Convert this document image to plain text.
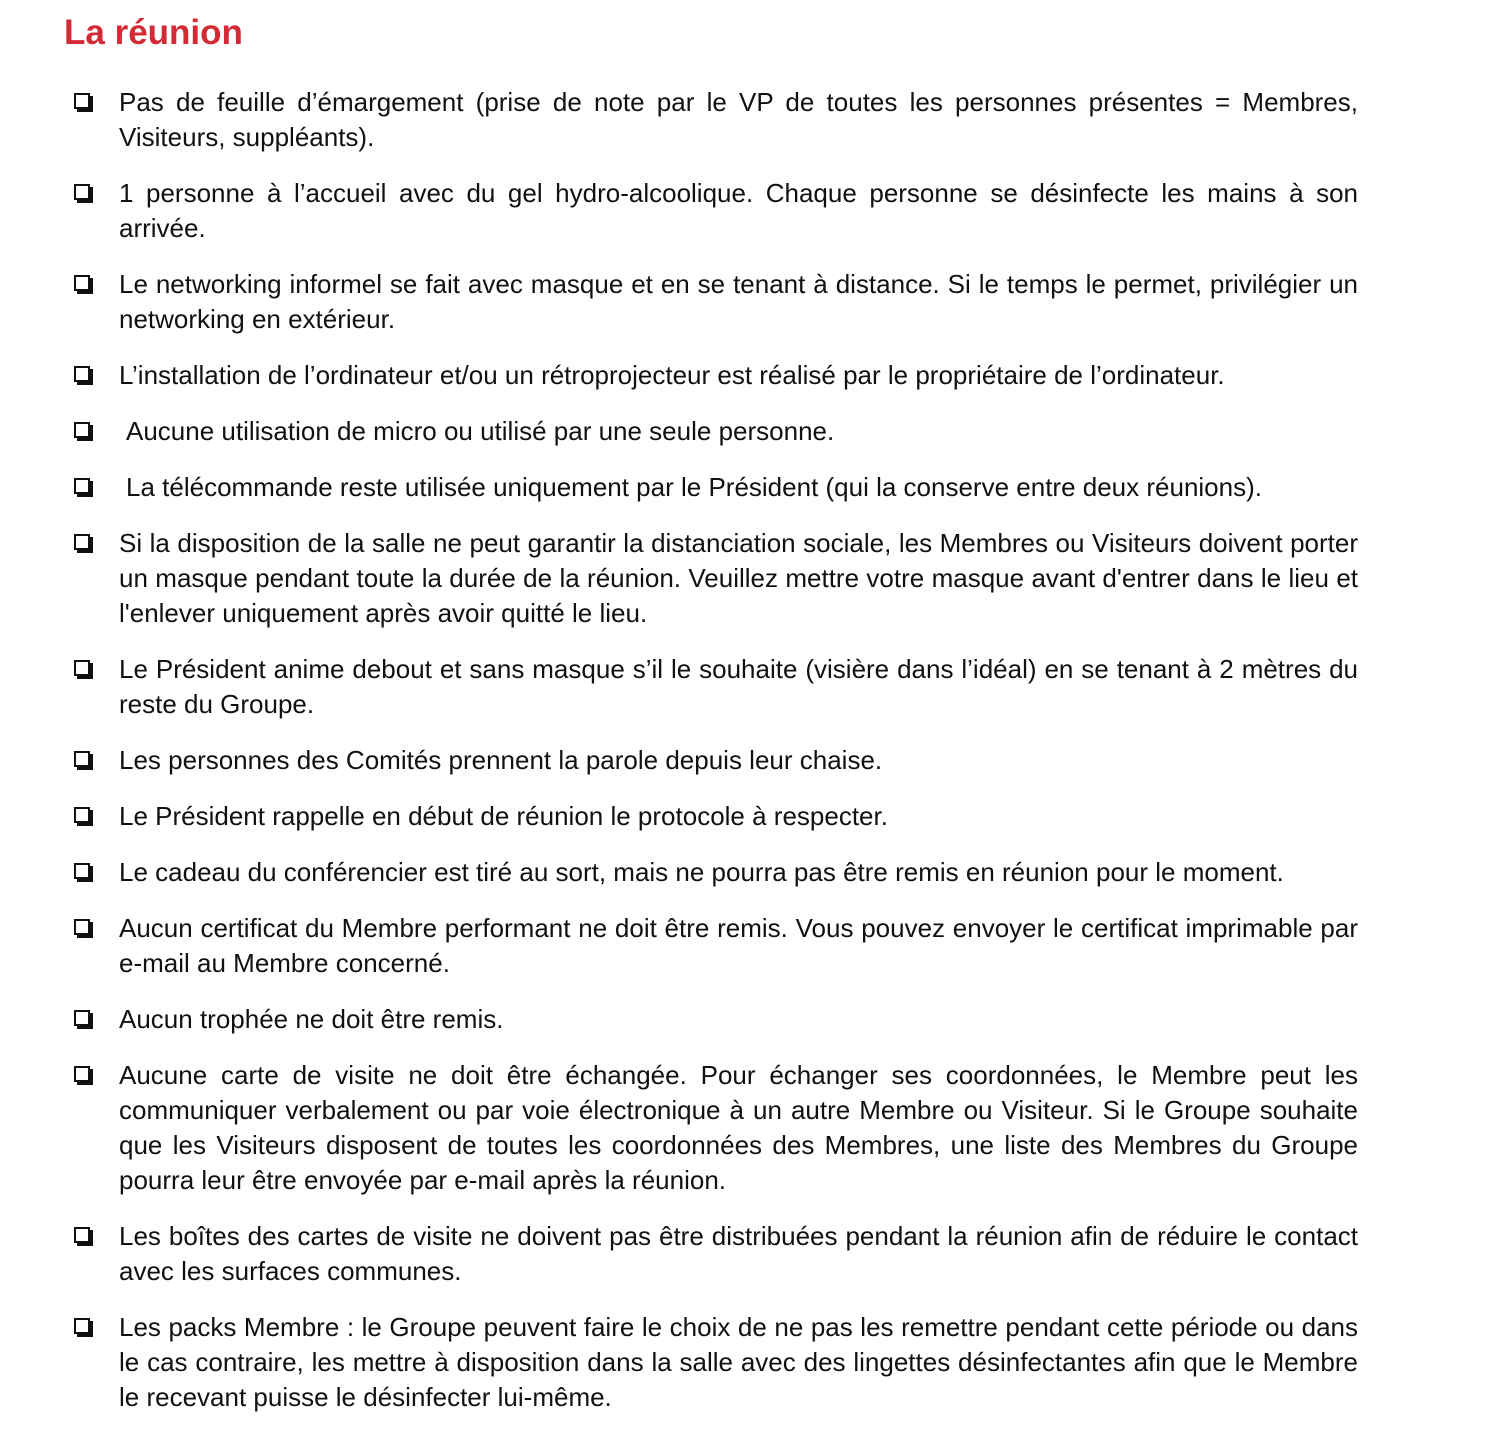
La réunion
Pas de feuille d’émargement (prise de note par le VP de toutes les personnes présentes = Membres, Visiteurs, suppléants).
1 personne à l’accueil avec du gel hydro-alcoolique. Chaque personne se désinfecte les mains à son arrivée.
Le networking informel se fait avec masque et en se tenant à distance. Si le temps le permet, privilégier un networking en extérieur.
L’installation de l’ordinateur et/ou un rétroprojecteur est réalisé par le propriétaire de l’ordinateur.
Aucune utilisation de micro ou utilisé par une seule personne.
La télécommande reste utilisée uniquement par le Président (qui la conserve entre deux réunions).
Si la disposition de la salle ne peut garantir la distanciation sociale, les Membres ou Visiteurs doivent porter un masque pendant toute la durée de la réunion. Veuillez mettre votre masque avant d'entrer dans le lieu et l'enlever uniquement après avoir quitté le lieu.
Le Président anime debout et sans masque s’il le souhaite (visière dans l’idéal) en se tenant à 2 mètres du reste du Groupe.
Les personnes des Comités prennent la parole depuis leur chaise.
Le Président rappelle en début de réunion le protocole à respecter.
Le cadeau du conférencier est tiré au sort, mais ne pourra pas être remis en réunion pour le moment.
Aucun certificat du Membre performant ne doit être remis. Vous pouvez envoyer le certificat imprimable par e-mail au Membre concerné.
Aucun trophée ne doit être remis.
Aucune carte de visite ne doit être échangée. Pour échanger ses coordonnées, le Membre peut les communiquer verbalement ou par voie électronique à un autre Membre ou Visiteur. Si le Groupe souhaite que les Visiteurs disposent de toutes les coordonnées des Membres, une liste des Membres du Groupe pourra leur être envoyée par e-mail après la réunion.
Les boîtes des cartes de visite ne doivent pas être distribuées pendant la réunion afin de réduire le contact avec les surfaces communes.
Les packs Membre : le Groupe peuvent faire le choix de ne pas les remettre pendant cette période ou dans le cas contraire, les mettre à disposition dans la salle avec des lingettes désinfectantes afin que le Membre le recevant puisse le désinfecter lui-même.
